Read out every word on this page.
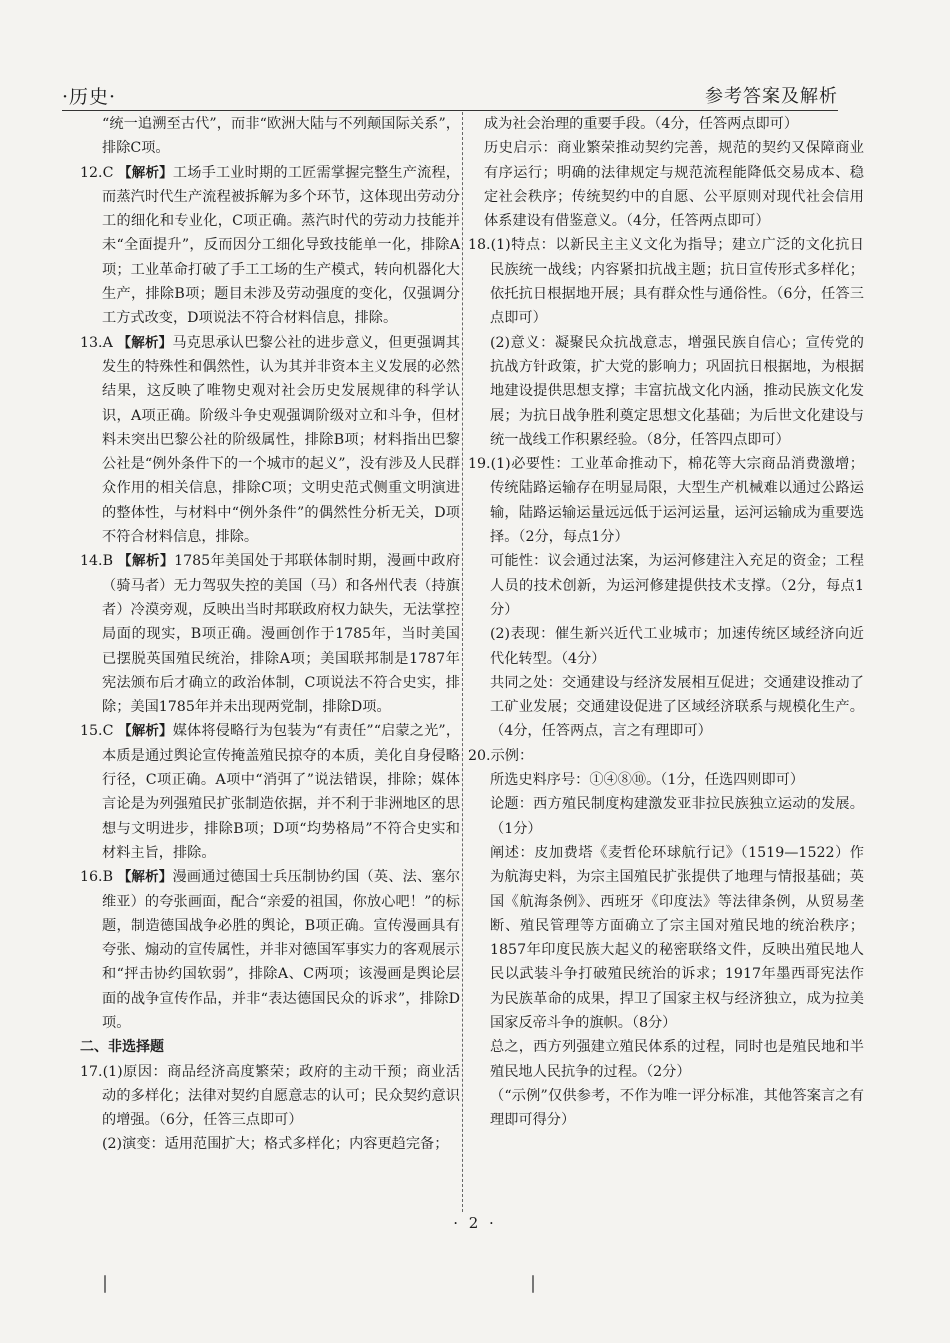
·历史·	参考答案及解析

“统一追溯至古代”，而非“欧洲大陆与不列颠国际关系”，排除C项。

12.C 【解析】工场手工业时期的工匠需掌握完整生产流程，而蒸汽时代生产流程被拆解为多个环节，这体现出劳动分工的细化和专业化，C项正确。蒸汽时代的劳动力技能并未“全面提升”，反而因分工细化导致技能单一化，排除A项；工业革命打破了手工工场的生产模式，转向机器化大生产，排除B项；题目未涉及劳动强度的变化，仅强调分工方式改变，D项说法不符合材料信息，排除。

13.A 【解析】马克思承认巴黎公社的进步意义，但更强调其发生的特殊性和偶然性，认为其并非资本主义发展的必然结果，这反映了唯物史观对社会历史发展规律的科学认识，A项正确。阶级斗争史观强调阶级对立和斗争，但材料未突出巴黎公社的阶级属性，排除B项；材料指出巴黎公社是“例外条件下的一个城市的起义”，没有涉及人民群众作用的相关信息，排除C项；文明史范式侧重文明演进的整体性，与材料中“例外条件”的偶然性分析无关，D项不符合材料信息，排除。

14.B 【解析】1785年美国处于邦联体制时期，漫画中政府（骑马者）无力驾驭失控的美国（马）和各州代表（持旗者）冷漠旁观，反映出当时邦联政府权力缺失，无法掌控局面的现实，B项正确。漫画创作于1785年，当时美国已摆脱英国殖民统治，排除A项；美国联邦制是1787年宪法颁布后才确立的政治体制，C项说法不符合史实，排除；美国1785年并未出现两党制，排除D项。

15.C 【解析】媒体将侵略行为包装为“有责任”“启蒙之光”，本质是通过舆论宣传掩盖殖民掠夺的本质，美化自身侵略行径，C项正确。A项中“消弭了”说法错误，排除；媒体言论是为列强殖民扩张制造依据，并不利于非洲地区的思想与文明进步，排除B项；D项“均势格局”不符合史实和材料主旨，排除。

16.B 【解析】漫画通过德国士兵压制协约国（英、法、塞尔维亚）的夸张画面，配合“亲爱的祖国，你放心吧！”的标题，制造德国战争必胜的舆论，B项正确。宣传漫画具有夸张、煽动的宣传属性，并非对德国军事实力的客观展示和“抨击协约国软弱”，排除A、C两项；该漫画是舆论层面的战争宣传作品，并非“表达德国民众的诉求”，排除D项。

二、非选择题

17.(1)原因：商品经济高度繁荣；政府的主动干预；商业活动的多样化；法律对契约自愿意志的认可；民众契约意识的增强。（6分，任答三点即可）

(2)演变：适用范围扩大；格式多样化；内容更趋完备；

成为社会治理的重要手段。（4分，任答两点即可）

历史启示：商业繁荣推动契约完善，规范的契约又保障商业有序运行；明确的法律规定与规范流程能降低交易成本、稳定社会秩序；传统契约中的自愿、公平原则对现代社会信用体系建设有借鉴意义。（4分，任答两点即可）

18.(1)特点：以新民主主义文化为指导；建立广泛的文化抗日民族统一战线；内容紧扣抗战主题；抗日宣传形式多样化；依托抗日根据地开展；具有群众性与通俗性。（6分，任答三点即可）

(2)意义：凝聚民众抗战意志，增强民族自信心；宣传党的抗战方针政策，扩大党的影响力；巩固抗日根据地，为根据地建设提供思想支撑；丰富抗战文化内涵，推动民族文化发展；为抗日战争胜利奠定思想文化基础；为后世文化建设与统一战线工作积累经验。（8分，任答四点即可）

19.(1)必要性：工业革命推动下，棉花等大宗商品消费激增；传统陆路运输存在明显局限，大型生产机械难以通过公路运输，陆路运输运量远远低于运河运量，运河运输成为重要选择。（2分，每点1分）

可能性：议会通过法案，为运河修建注入充足的资金；工程人员的技术创新，为运河修建提供技术支撑。（2分，每点1分）

(2)表现：催生新兴近代工业城市；加速传统区域经济向近代化转型。（4分）

共同之处：交通建设与经济发展相互促进；交通建设推动了工矿业发展；交通建设促进了区域经济联系与规模化生产。（4分，任答两点，言之有理即可）

20.示例：

所选史料序号：①④⑧⑩。（1分，任选四则即可）

论题：西方殖民制度构建激发亚非拉民族独立运动的发展。（1分）

阐述：皮加费塔《麦哲伦环球航行记》（1519—1522）作为航海史料，为宗主国殖民扩张提供了地理与情报基础；英国《航海条例》、西班牙《印度法》等法律条例，从贸易垄断、殖民管理等方面确立了宗主国对殖民地的统治秩序；1857年印度民族大起义的秘密联络文件，反映出殖民地人民以武装斗争打破殖民统治的诉求；1917年墨西哥宪法作为民族革命的成果，捍卫了国家主权与经济独立，成为拉美国家反帝斗争的旗帜。（8分）

总之，西方列强建立殖民体系的过程，同时也是殖民地和半殖民地人民抗争的过程。（2分）

（“示例”仅供参考，不作为唯一评分标准，其他答案言之有理即可得分）

· 2 ·
